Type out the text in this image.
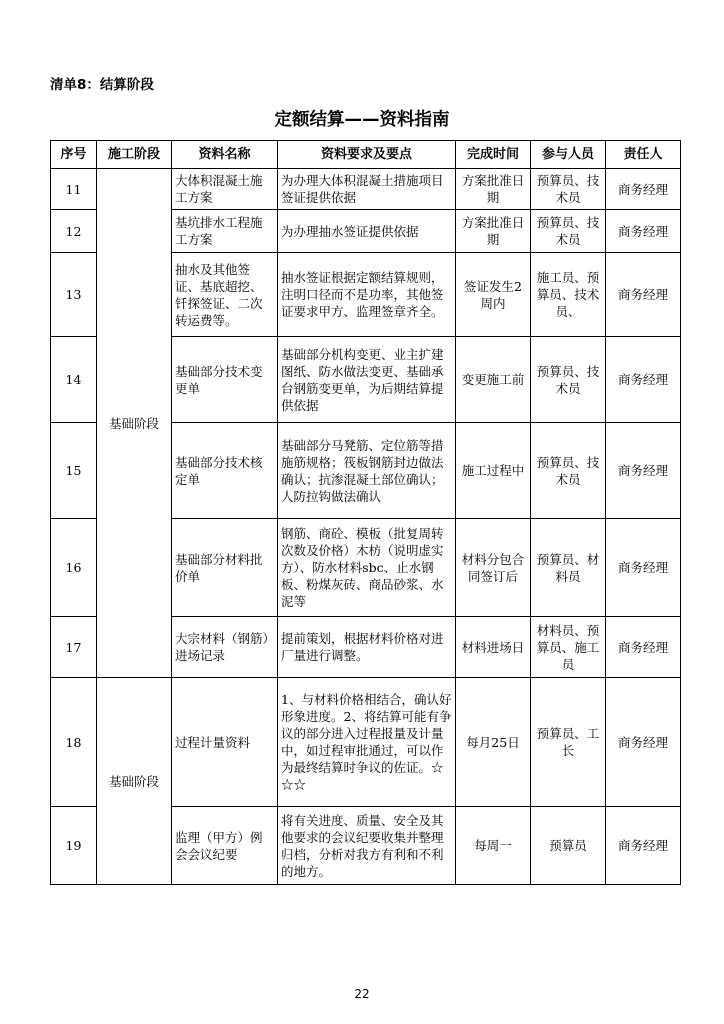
清单8：结算阶段
定额结算——资料指南
序号	施工阶段	资料名称	资料要求及要点	完成时间	参与人员	责任人
11	基础阶段	大体积混凝土施工方案	为办理大体积混凝土措施项目签证提供依据	方案批准日期	预算员、技术员	商务经理
12		基坑排水工程施工方案	为办理抽水签证提供依据	方案批准日期	预算员、技术员	商务经理
13		抽水及其他签证、基底超挖、钎探签证、二次转运费等。	抽水签证根据定额结算规则，注明口径而不是功率，其他签证要求甲方、监理签章齐全。	签证发生2周内	施工员、预算员、技术员、	商务经理
14		基础部分技术变更单	基础部分机构变更、业主扩建图纸、防水做法变更、基础承台钢筋变更单，为后期结算提供依据	变更施工前	预算员、技术员	商务经理
15		基础部分技术核定单	基础部分马凳筋、定位筋等措施筋规格；筏板钢筋封边做法确认；抗渗混凝土部位确认；人防拉钩做法确认	施工过程中	预算员、技术员	商务经理
16		基础部分材料批价单	钢筋、商砼、模板（批复周转次数及价格）木枋（说明虚实方）、防水材料sbc、止水钢板、粉煤灰砖、商品砂浆、水泥等	材料分包合同签订后	预算员、材料员	商务经理
17		大宗材料（钢筋）进场记录	提前策划，根据材料价格对进厂量进行调整。	材料进场日	材料员、预算员、施工员	商务经理
18	基础阶段	过程计量资料	1、与材料价格相结合，确认好形象进度。2、将结算可能有争议的部分进入过程报量及计量中，如过程审批通过，可以作为最终结算时争议的佐证。☆☆☆	每月25日	预算员、工长	商务经理
19		监理（甲方）例会会议纪要	将有关进度、质量、安全及其他要求的会议纪要收集并整理归档，分析对我方有利和不利的地方。	每周一	预算员	商务经理
22
